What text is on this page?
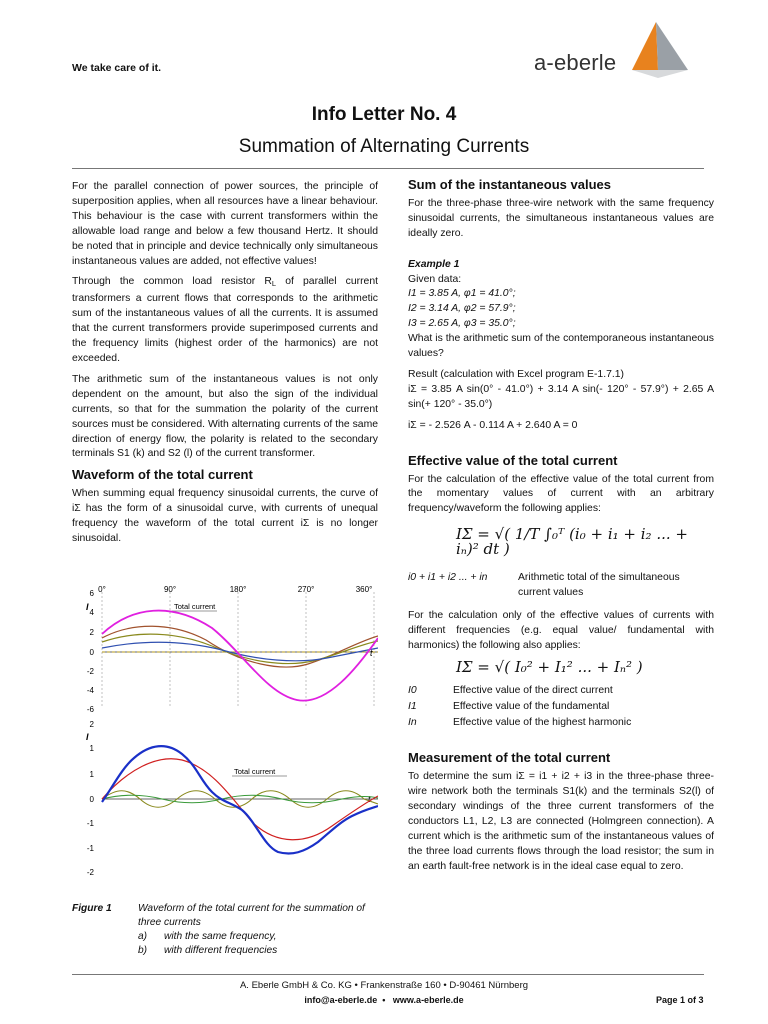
We take care of it.	a-eberle
Info Letter No. 4
Summation of Alternating Currents

For the parallel connection of power sources, the principle of superposition applies, when all resources have a linear behaviour. This behaviour is the case with current transformers within the allowable load range and below a few thousand Hertz. It should be noted that in principle and device technically only simultaneous instantaneous values are added, not effective values!

Through the common load resistor $R_L$ of parallel current transformers a current flows that corresponds to the arithmetic sum of the instantaneous values of all the currents. It is assumed that the current transformers provide superimposed currents and the frequency limits (highest order of the harmonics) are not exceeded.

The arithmetic sum of the instantaneous values is not only dependent on the amount, but also the sign of the individual currents, so that for the summation the polarity of the current sources must be considered. With alternating currents of the same direction of energy flow, the polarity is related to the secondary terminals S1 (k) and S2 (l) of the current transformer.

Waveform of the total current

When summing equal frequency sinusoidal currents, the curve of iΣ has the form of a sinusoidal curve, with currents of unequal frequency the waveform of the total current iΣ is no longer sinusoidal.

0°	90°	180°	270°	360°
6
4
2
0
-2
-4
-6
I
t
Total current
2
1
1
0
-1
-1
-2
I
t
Total current
Figure 1	Waveform of the total current for the summation of three currents
a)	with the same frequency,
b)	with different frequencies
Sum of the instantaneous values

For the three-phase three-wire network with the same frequency sinusoidal currents, the simultaneous instantaneous values are ideally zero.

Example 1
Given data:
I1 = 3.85 A, φ1 = 41.0°;
I2 = 3.14 A, φ2 = 57.9°;
I3 = 2.65 A, φ3 = 35.0°;

What is the arithmetic sum of the contemporaneous instantaneous values?

Result (calculation with Excel program E-1.7.1)

iΣ = 3.85 A sin(0° - 41.0°) + 3.14 A sin(- 120° - 57.9°) + 2.65 A sin(+ 120° - 35.0°)

iΣ = - 2.526 A - 0.114 A + 2.640 A = 0

Effective value of the total current

For the calculation of the effective value of the total current from the momentary values of current with an arbitrary frequency/waveform the following applies:

IΣ = √( 1/T ∫₀ᵀ (i₀ + i₁ + i₂ ... + iₙ)² dt )
i0 + i1 + i2 ... + in	Arithmetic total of the simultaneous current values

For the calculation only of the effective values of currents with different frequencies (e.g. equal value/ fundamental with harmonics) the following also applies:

IΣ = √( I₀² + I₁² ... + Iₙ² )
I0	Effective value of the direct current
I1	Effective value of the fundamental
In	Effective value of the highest harmonic
Measurement of the total current

To determine the sum iΣ = i1 + i2 + i3 in the three-phase three-wire network both the terminals S1(k) and the terminals S2(l) of secondary windings of the three current transformers of the conductors L1, L2, L3 are connected (Holmgreen connection). A current which is the arithmetic sum of the instantaneous values of the three load currents flows through the load resistor; the sum in an earth fault-free network is in the ideal case equal to zero.

A. Eberle GmbH & Co. KG • Frankenstraße 160 • D-90461 Nürnberg
info@a-eberle.de  •   www.a-eberle.de	Page 1 of 3
